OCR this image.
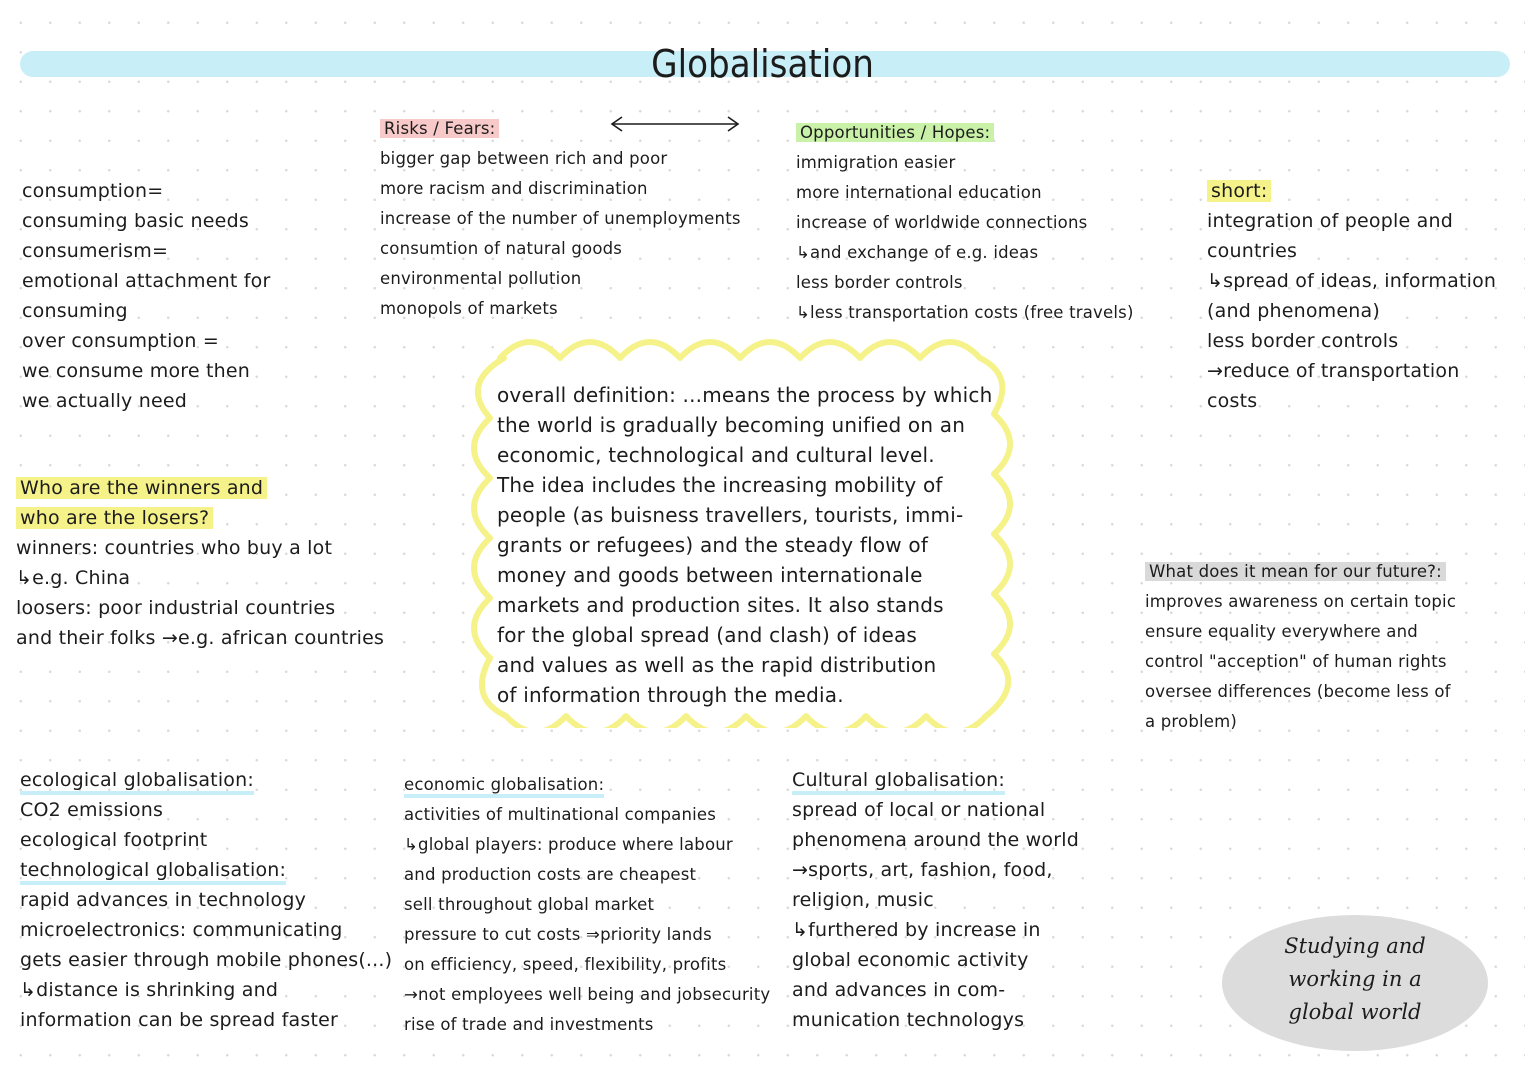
Globalisation
consumption=
consuming basic needs
consumerism=
emotional attachment for
consuming
over consumption =
we consume more then
we actually need
Risks / Fears:
bigger gap between rich and poor
more racism and discrimination
increase of the number of unemployments
consumtion of natural goods
environmental pollution
monopols of markets
Opportunities / Hopes:
immigration easier
more international education
increase of worldwide connections
↳and exchange of e.g. ideas
less border controls
↳less transportation costs (free travels)
short:
integration of people and
countries
↳spread of ideas, information
(and phenomena)
less border controls
→reduce of transportation
costs
Who are the winners and
who are the losers?
winners: countries who buy a lot
↳e.g. China
loosers: poor industrial countries
and their folks →e.g. african countries
overall definition: ...means the process by which
the world is gradually becoming unified on an
economic, technological and cultural level.
The idea includes the increasing mobility of
people (as buisness travellers, tourists, immi-
grants or refugees) and the steady flow of
money and goods between internationale
markets and production sites. It also stands
for the global spread (and clash) of ideas
and values as well as the rapid distribution
of information through the media.
What does it mean for our future?:
improves awareness on certain topic
ensure equality everywhere and
control "acception" of human rights
oversee differences (become less of
a problem)
ecological globalisation:
CO2 emissions
ecological footprint
technological globalisation:
rapid advances in technology
microelectronics: communicating
gets easier through mobile phones(...)
↳distance is shrinking and
information can be spread faster
economic globalisation:
activities of multinational companies
↳global players: produce where labour
and production costs are cheapest
sell throughout global market
pressure to cut costs ⇒priority lands
on efficiency, speed, flexibility, profits
→not employees well being and jobsecurity
rise of trade and investments
Cultural globalisation:
spread of local or national
phenomena around the world
→sports, art, fashion, food,
religion, music
↳furthered by increase in
global economic activity
and advances in com-
munication technologys
Studying and
working in a
global world
